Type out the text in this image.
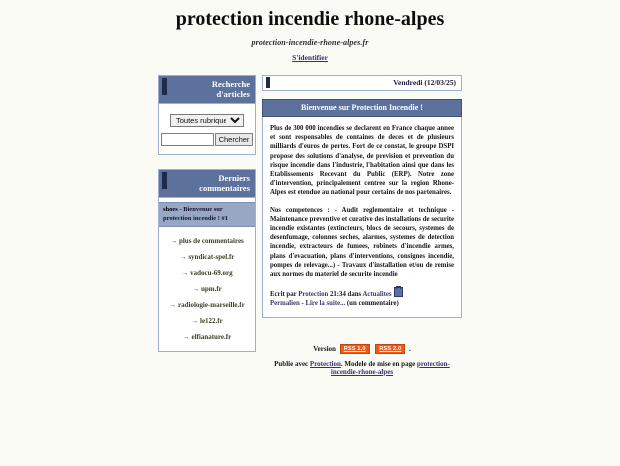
protection incendie rhone-alpes
protection-incendie-rhone-alpes.fr
S'identifier
Recherche
d'articles
Toutes rubriques
Chercher
Derniers
commentaires
shoes - Bienvenue sur protection incendie ! #1
→ plus de commentaires
→ syndicat-spel.fr
→ vadocu-69.org
→ upm.fr
→ radiologie-marseille.fr
→ le122.fr
→ elfianature.fr
Vendredi (12/03/25)
Bienvenue sur Protection Incendie !

Plus de 300 000 incendies se declarent en France chaque annee et sont responsables de containes de deces et de plusieurs milliards d'euros de pertes. Fort de ce constat, le groupe DSPI propose des solutions d'analyse, de prevision et prevention du risque incendie dans l'industrie, l'habitation ainsi que dans les Etablissements Recevant du Public (ERP). Notre zone d'intervention, principalement centree sur la region Rhone-Alpes est etendue au national pour certains de nos partenaires.

Nos competences : - Audit reglementaire et technique - Maintenance preventive et curative des installations de securite incendie existantes (extincteurs, blocs de secours, systemes de desenfumage, colonnes seches, alarmes, systemes de detection incendie, extracteurs de fumees, robinets d'incendie armes, plans d'evacuation, plans d'interventions, consignes incendie, pompes de relevage...) - Travaux d'installation et/ou de remise aux normes du materiel de securite incendie

Ecrit par Protection 21:34 dans Actualites
Permalien - Lire la suite... (un commentaire)
Version RSS 1.0	RSS 2.0 .
Publie avec Protection. Modele de mise en page protection-incendie-rhone-alpes
